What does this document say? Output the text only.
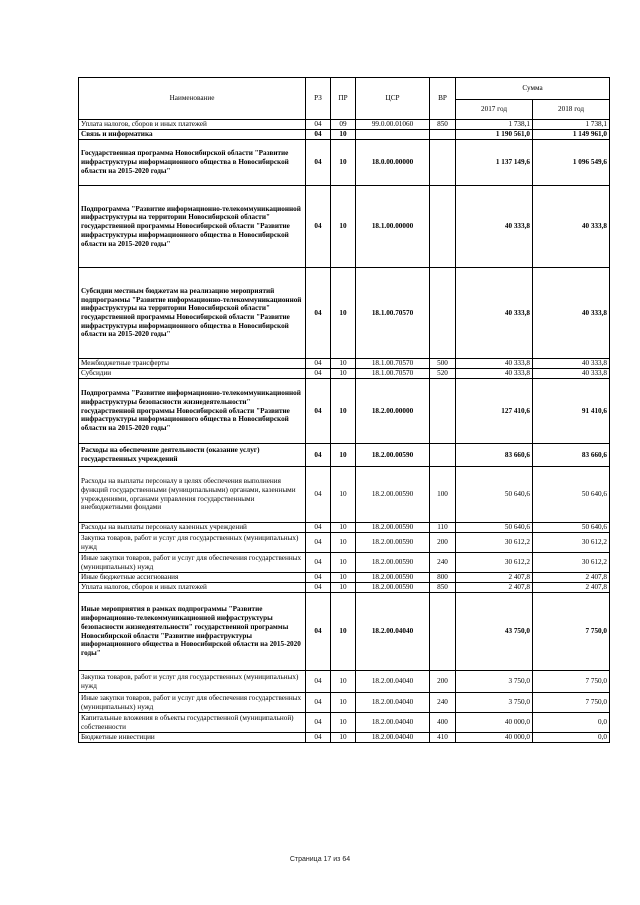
Наименование	РЗ	ПР	ЦСР	ВР	Сумма	
					2017 год	2018 год
Уплата налогов, сборов и иных платежей	04	09	99.0.00.01060	850	1 738,1	1 738,1
Связь и информатика	04	10			1 190 561,0	1 149 961,0
Государственная программа Новосибирской области "Развитие инфраструктуры информационного общества в Новосибирской области на 2015-2020 годы"	04	10	18.0.00.00000		1 137 149,6	1 096 549,6
Подпрограмма "Развитие информационно-телекоммуникационной инфраструктуры на территории Новосибирской области" государственной программы Новосибирской области "Развитие инфраструктуры информационного общества в Новосибирской области на 2015-2020 годы"	04	10	18.1.00.00000		40 333,8	40 333,8
Субсидии местным бюджетам на реализацию мероприятий подпрограммы "Развитие информационно-телекоммуникационной инфраструктуры на территории Новосибирской области" государственной программы Новосибирской области "Развитие инфраструктуры информационного общества в Новосибирской области на 2015-2020 годы"	04	10	18.1.00.70570		40 333,8	40 333,8
Межбюджетные трансферты	04	10	18.1.00.70570	500	40 333,8	40 333,8
Субсидии	04	10	18.1.00.70570	520	40 333,8	40 333,8
Подпрограмма "Развитие информационно-телекоммуникационной инфраструктуры безопасности жизнедеятельности" государственной программы Новосибирской области "Развитие инфраструктуры информационного общества в Новосибирской области на 2015-2020 годы"	04	10	18.2.00.00000		127 410,6	91 410,6
Расходы на обеспечение деятельности (оказание услуг) государственных учреждений	04	10	18.2.00.00590		83 660,6	83 660,6
Расходы на выплаты персоналу в целях обеспечения выполнения функций государственными (муниципальными) органами, казенными учреждениями, органами управления государственными внебюджетными фондами	04	10	18.2.00.00590	100	50 640,6	50 640,6
Расходы на выплаты персоналу казенных учреждений	04	10	18.2.00.00590	110	50 640,6	50 640,6
Закупка товаров, работ и услуг для государственных (муниципальных) нужд	04	10	18.2.00.00590	200	30 612,2	30 612,2
Иные закупки товаров, работ и услуг для обеспечения государственных (муниципальных) нужд	04	10	18.2.00.00590	240	30 612,2	30 612,2
Иные бюджетные ассигнования	04	10	18.2.00.00590	800	2 407,8	2 407,8
Уплата налогов, сборов и иных платежей	04	10	18.2.00.00590	850	2 407,8	2 407,8
Иные мероприятия в рамках подпрограммы "Развитие информационно-телекоммуникационной инфраструктуры безопасности жизнедеятельности" государственной программы Новосибирской области "Развитие инфраструктуры информационного общества в Новосибирской области на 2015-2020 годы"	04	10	18.2.00.04040		43 750,0	7 750,0
Закупка товаров, работ и услуг для государственных (муниципальных) нужд	04	10	18.2.00.04040	200	3 750,0	7 750,0
Иные закупки товаров, работ и услуг для обеспечения государственных (муниципальных) нужд	04	10	18.2.00.04040	240	3 750,0	7 750,0
Капитальные вложения в объекты государственной (муниципальной) собственности	04	10	18.2.00.04040	400	40 000,0	0,0
Бюджетные инвестиции	04	10	18.2.00.04040	410	40 000,0	0,0
Страница 17 из 64
